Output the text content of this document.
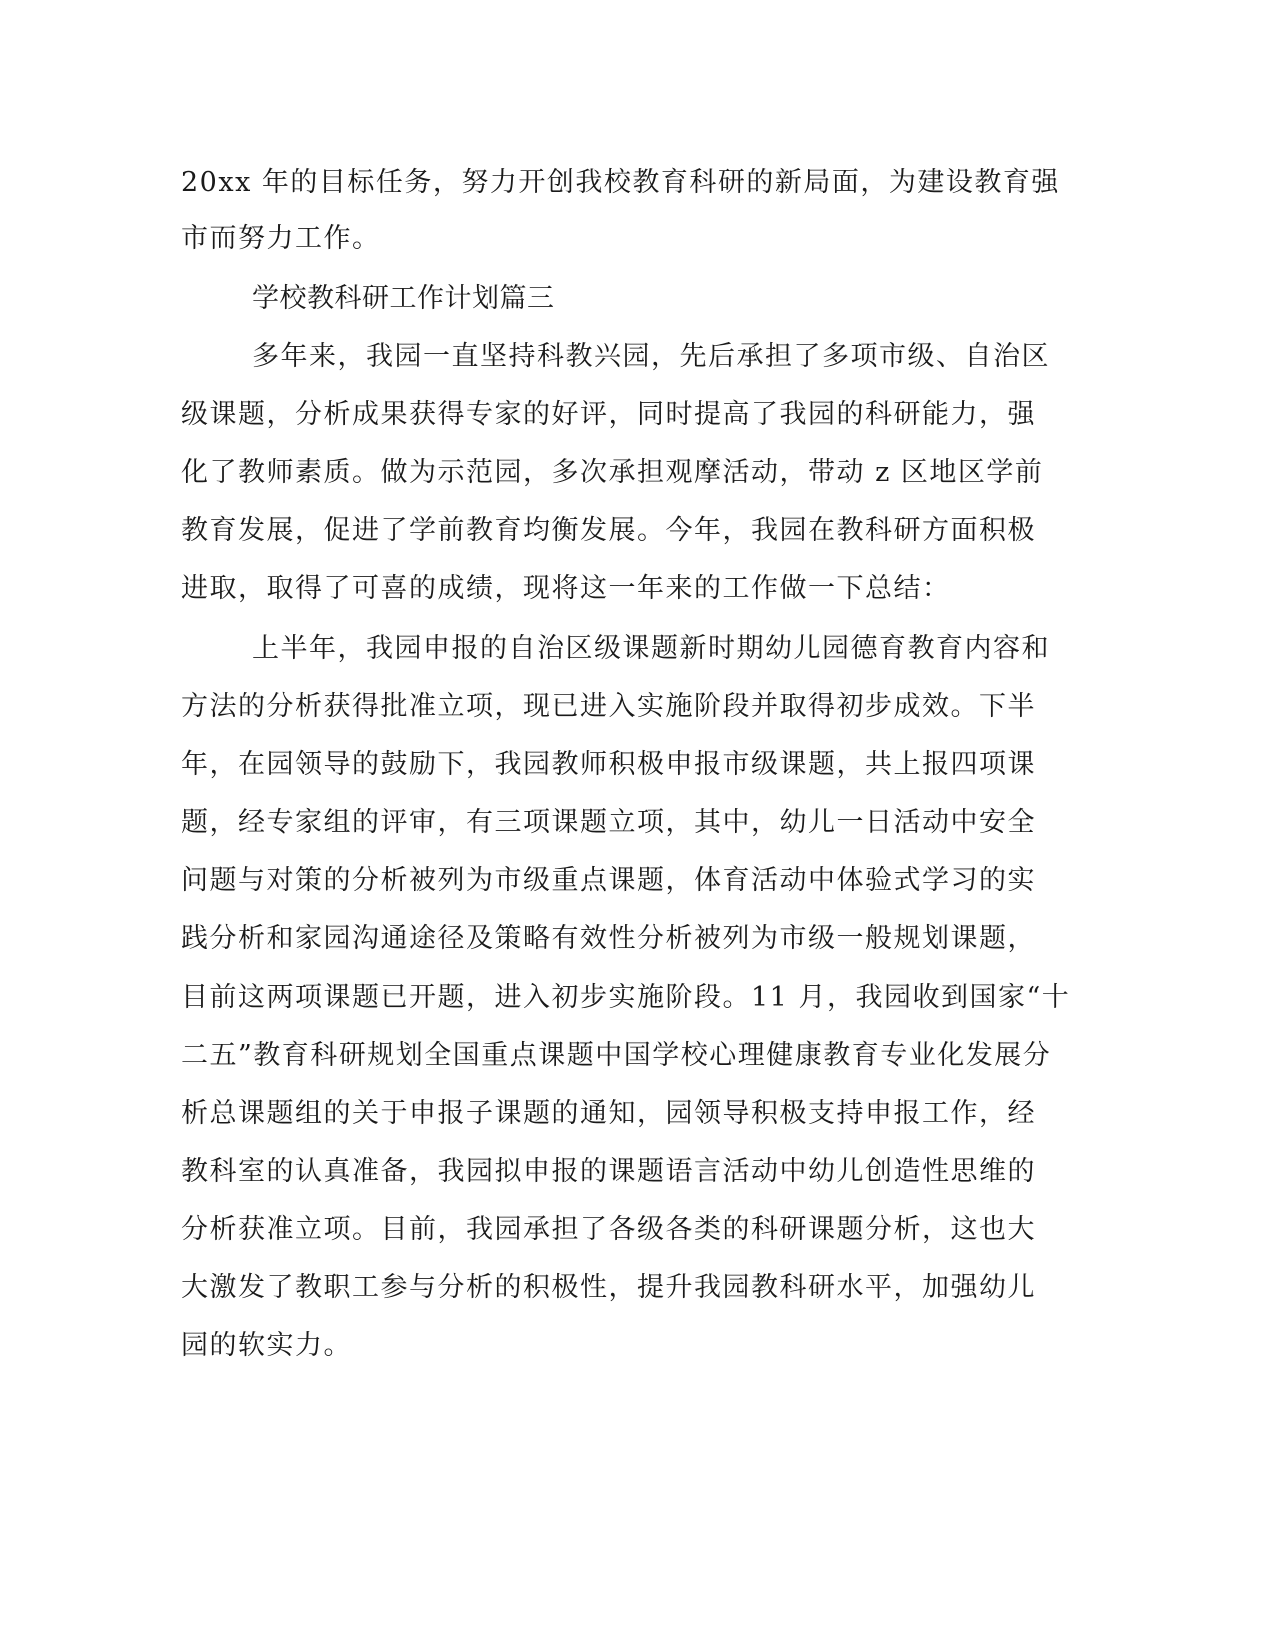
20xx 年的目标任务，努力开创我校教育科研的新局面，为建设教育强
市而努力工作。
学校教科研工作计划篇三
多年来，我园一直坚持科教兴园，先后承担了多项市级、自治区
级课题，分析成果获得专家的好评，同时提高了我园的科研能力，强
化了教师素质。做为示范园，多次承担观摩活动，带动 z 区地区学前
教育发展，促进了学前教育均衡发展。今年，我园在教科研方面积极
进取，取得了可喜的成绩，现将这一年来的工作做一下总结：
上半年，我园申报的自治区级课题新时期幼儿园德育教育内容和
方法的分析获得批准立项，现已进入实施阶段并取得初步成效。下半
年，在园领导的鼓励下，我园教师积极申报市级课题，共上报四项课
题，经专家组的评审，有三项课题立项，其中，幼儿一日活动中安全
问题与对策的分析被列为市级重点课题，体育活动中体验式学习的实
践分析和家园沟通途径及策略有效性分析被列为市级一般规划课题，
目前这两项课题已开题，进入初步实施阶段。11 月，我园收到国家“十
二五”教育科研规划全国重点课题中国学校心理健康教育专业化发展分
析总课题组的关于申报子课题的通知，园领导积极支持申报工作，经
教科室的认真准备，我园拟申报的课题语言活动中幼儿创造性思维的
分析获准立项。目前，我园承担了各级各类的科研课题分析，这也大
大激发了教职工参与分析的积极性，提升我园教科研水平，加强幼儿
园的软实力。
